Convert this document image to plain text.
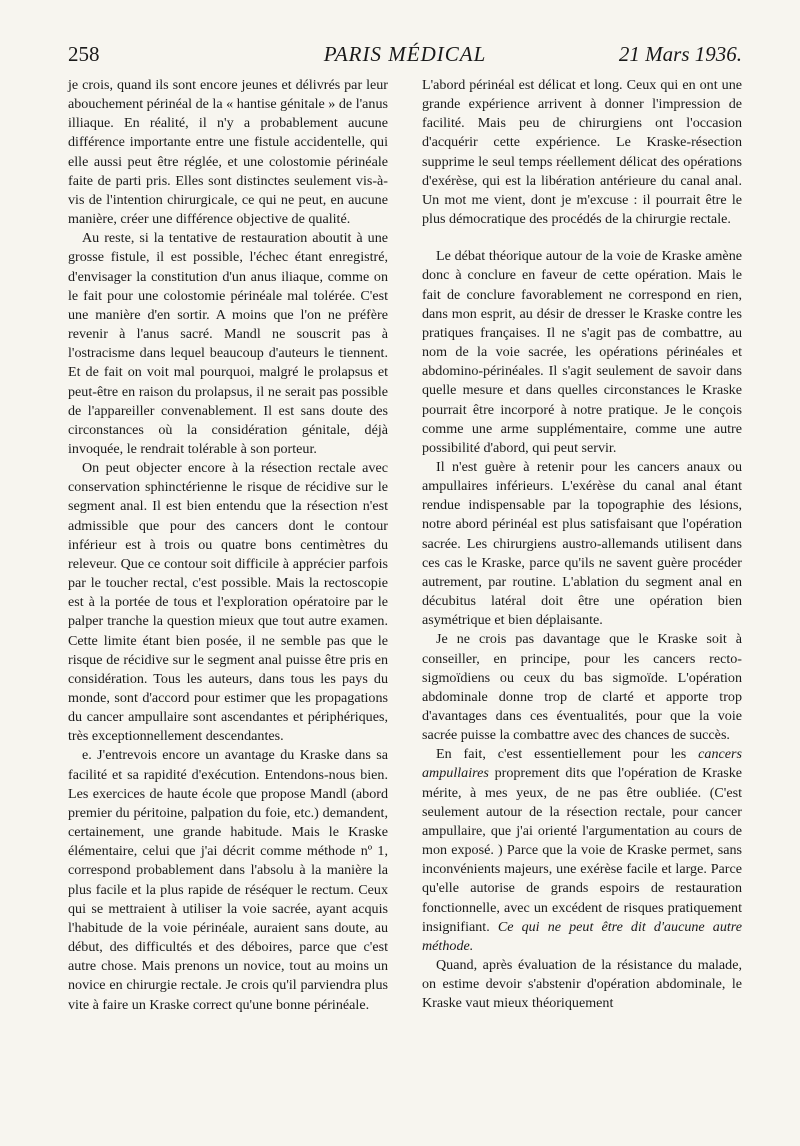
258	PARIS MÉDICAL	21 Mars 1936.

je crois, quand ils sont encore jeunes et délivrés par leur abouchement périnéal de la « hantise génitale » de l'anus illiaque. En réalité, il n'y a probablement aucune différence importante entre une fistule accidentelle, qui elle aussi peut être réglée, et une colostomie périnéale faite de parti pris. Elles sont distinctes seulement vis-à-vis de l'intention chirurgicale, ce qui ne peut, en aucune manière, créer une différence objective de qualité.

Au reste, si la tentative de restauration aboutit à une grosse fistule, il est possible, l'échec étant enregistré, d'envisager la constitution d'un anus iliaque, comme on le fait pour une colostomie périnéale mal tolérée. C'est une manière d'en sortir. A moins que l'on ne préfère revenir à l'anus sacré. Mandl ne souscrit pas à l'ostracisme dans lequel beaucoup d'auteurs le tiennent. Et de fait on voit mal pourquoi, malgré le prolapsus et peut-être en raison du prolapsus, il ne serait pas possible de l'appareiller convenablement. Il est sans doute des circonstances où la considération génitale, déjà invoquée, le rendrait tolérable à son porteur.

On peut objecter encore à la résection rectale avec conservation sphinctérienne le risque de récidive sur le segment anal. Il est bien entendu que la résection n'est admissible que pour des cancers dont le contour inférieur est à trois ou quatre bons centimètres du releveur. Que ce contour soit difficile à apprécier parfois par le toucher rectal, c'est possible. Mais la rectoscopie est à la portée de tous et l'exploration opératoire par le palper tranche la question mieux que tout autre examen. Cette limite étant bien posée, il ne semble pas que le risque de récidive sur le segment anal puisse être pris en considération. Tous les auteurs, dans tous les pays du monde, sont d'accord pour estimer que les propagations du cancer ampullaire sont ascendantes et périphériques, très exceptionnellement descendantes.

e. J'entrevois encore un avantage du Kraske dans sa facilité et sa rapidité d'exécution. Entendons-nous bien. Les exercices de haute école que propose Mandl (abord premier du péritoine, palpation du foie, etc.) demandent, certainement, une grande habitude. Mais le Kraske élémentaire, celui que j'ai décrit comme méthode nº 1, correspond probablement dans l'absolu à la manière la plus facile et la plus rapide de réséquer le rectum. Ceux qui se mettraient à utiliser la voie sacrée, ayant acquis l'habitude de la voie périnéale, auraient sans doute, au début, des difficultés et des déboires, parce que c'est autre chose. Mais prenons un novice, tout au moins un novice en chirurgie rectale. Je crois qu'il parviendra plus vite à faire un Kraske correct qu'une bonne périnéale.

L'abord périnéal est délicat et long. Ceux qui en ont une grande expérience arrivent à donner l'impression de facilité. Mais peu de chirurgiens ont l'occasion d'acquérir cette expérience. Le Kraske-résection supprime le seul temps réellement délicat des opérations d'exérèse, qui est la libération antérieure du canal anal. Un mot me vient, dont je m'excuse : il pourrait être le plus démocratique des procédés de la chirurgie rectale.

Le débat théorique autour de la voie de Kraske amène donc à conclure en faveur de cette opération. Mais le fait de conclure favorablement ne correspond en rien, dans mon esprit, au désir de dresser le Kraske contre les pratiques françaises. Il ne s'agit pas de combattre, au nom de la voie sacrée, les opérations périnéales et abdomino-périnéales. Il s'agit seulement de savoir dans quelle mesure et dans quelles circonstances le Kraske pourrait être incorporé à notre pratique. Je le conçois comme une arme supplémentaire, comme une autre possibilité d'abord, qui peut servir.

Il n'est guère à retenir pour les cancers anaux ou ampullaires inférieurs. L'exérèse du canal anal étant rendue indispensable par la topographie des lésions, notre abord périnéal est plus satisfaisant que l'opération sacrée. Les chirurgiens austro-allemands utilisent dans ces cas le Kraske, parce qu'ils ne savent guère procéder autrement, par routine. L'ablation du segment anal en décubitus latéral doit être une opération bien asymétrique et bien déplaisante.

Je ne crois pas davantage que le Kraske soit à conseiller, en principe, pour les cancers recto-sigmoïdiens ou ceux du bas sigmoïde. L'opération abdominale donne trop de clarté et apporte trop d'avantages dans ces éventualités, pour que la voie sacrée puisse la combattre avec des chances de succès.

En fait, c'est essentiellement pour les cancers ampullaires proprement dits que l'opération de Kraske mérite, à mes yeux, de ne pas être oubliée. (C'est seulement autour de la résection rectale, pour cancer ampullaire, que j'ai orienté l'argumentation au cours de mon exposé. ) Parce que la voie de Kraske permet, sans inconvénients majeurs, une exérèse facile et large. Parce qu'elle autorise de grands espoirs de restauration fonctionnelle, avec un excédent de risques pratiquement insignifiant. Ce qui ne peut être dit d'aucune autre méthode.

Quand, après évaluation de la résistance du malade, on estime devoir s'abstenir d'opération abdominale, le Kraske vaut mieux théoriquement
